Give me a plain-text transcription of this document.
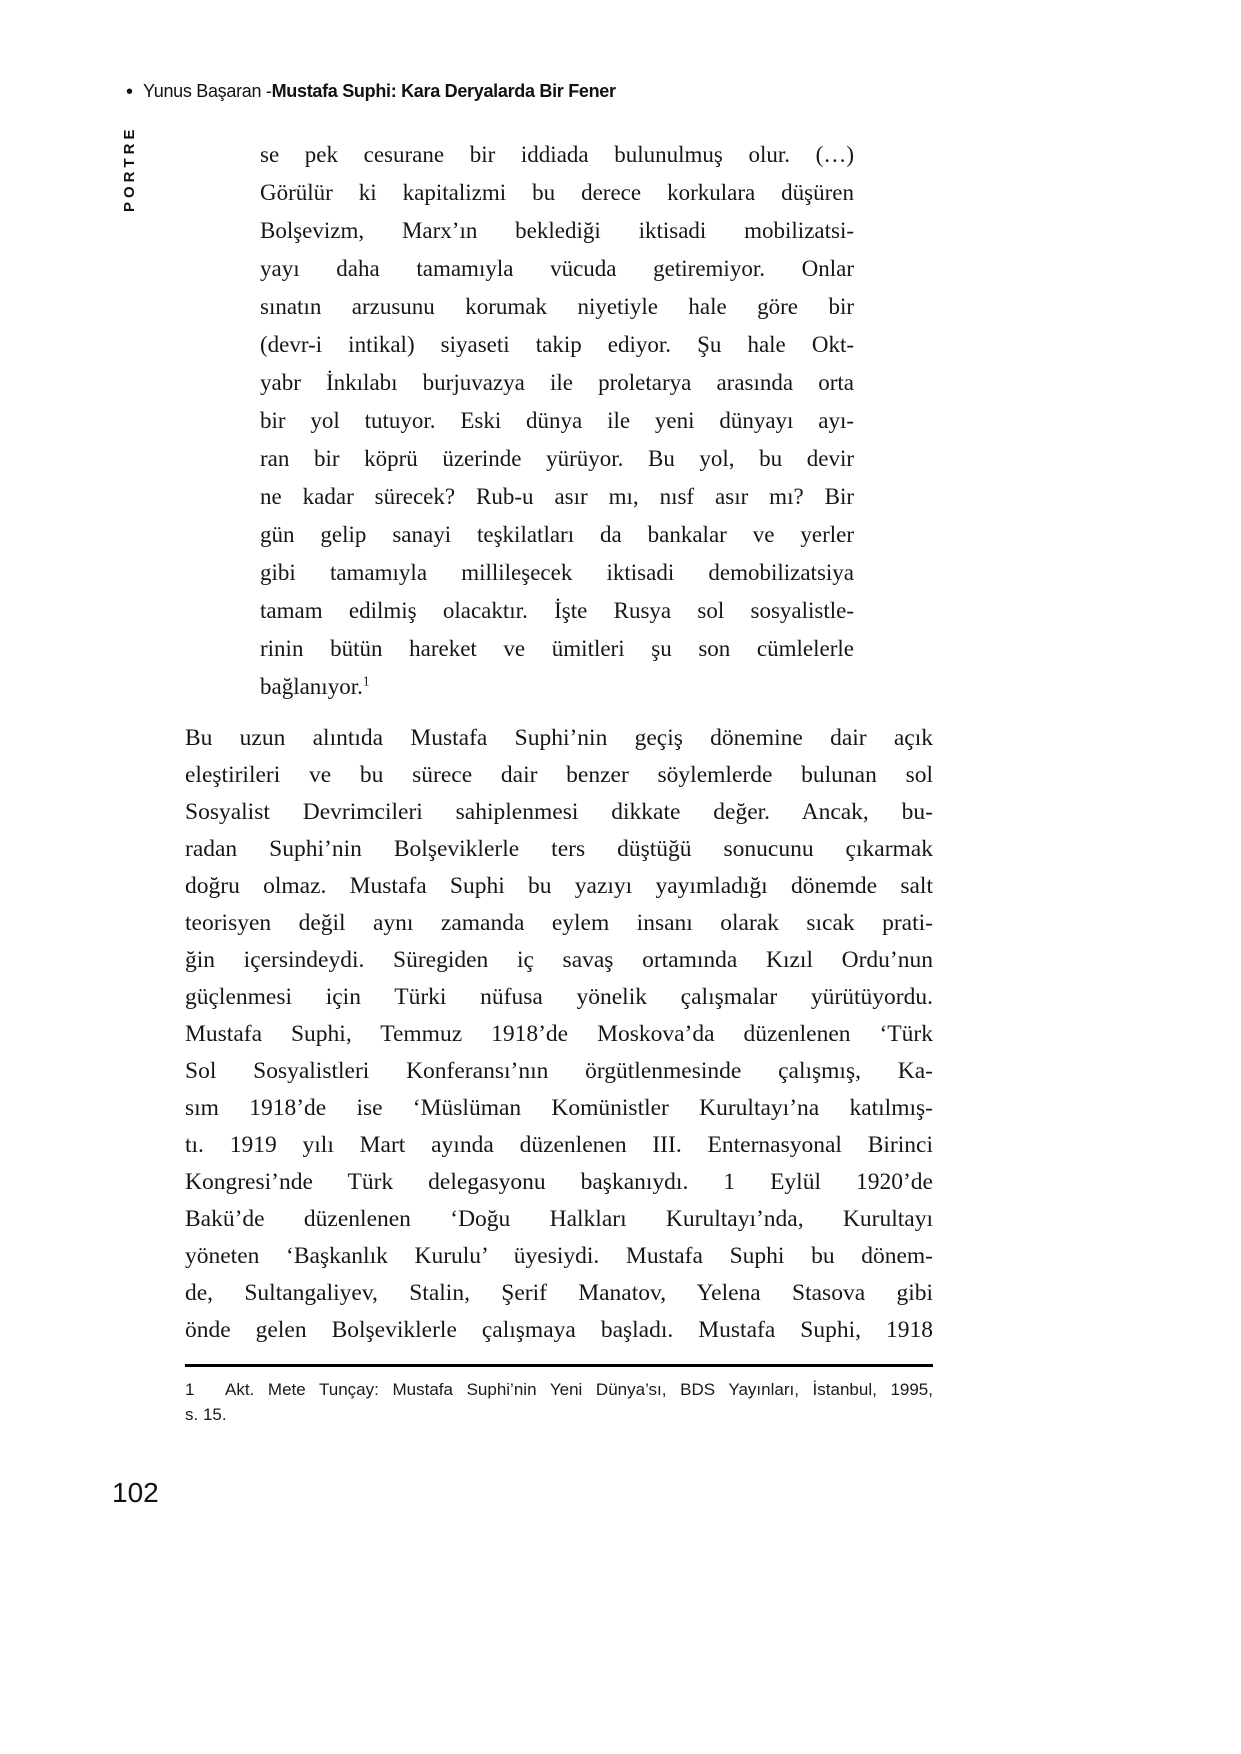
• Yunus Başaran - Mustafa Suphi: Kara Deryalarda Bir Fener
PORTRE	se pek cesurane bir iddiada bulunulmuş olur. (…)
Görülür ki kapitalizmi bu derece korkulara düşüren
Bolşevizm, Marx’ın beklediği iktisadi mobilizatsi-
yayı daha tamamıyla vücuda getiremiyor. Onlar
sınatın arzusunu korumak niyetiyle hale göre bir
(devr-i intikal) siyaseti takip ediyor. Şu hale Okt-
yabr İnkılabı burjuvazya ile proletarya arasında orta
bir yol tutuyor. Eski dünya ile yeni dünyayı ayı-
ran bir köprü üzerinde yürüyor. Bu yol, bu devir
ne kadar sürecek? Rub-u asır mı, nısf asır mı? Bir
gün gelip sanayi teşkilatları da bankalar ve yerler
gibi tamamıyla millileşecek iktisadi demobilizatsiya
tamam edilmiş olacaktır. İşte Rusya sol sosyalistle-
rinin bütün hareket ve ümitleri şu son cümlelerle
bağlanıyor.$^1$
Bu uzun alıntıda Mustafa Suphi’nin geçiş dönemine dair açık
eleştirileri ve bu sürece dair benzer söylemlerde bulunan sol
Sosyalist Devrimcileri sahiplenmesi dikkate değer. Ancak, bu-
radan Suphi’nin Bolşeviklerle ters düştüğü sonucunu çıkarmak
doğru olmaz. Mustafa Suphi bu yazıyı yayımladığı dönemde salt
teorisyen değil aynı zamanda eylem insanı olarak sıcak prati-
ğin içersindeydi. Süregiden iç savaş ortamında Kızıl Ordu’nun
güçlenmesi için Türki nüfusa yönelik çalışmalar yürütüyordu.
Mustafa Suphi, Temmuz 1918’de Moskova’da düzenlenen ‘Türk
Sol Sosyalistleri Konferansı’nın örgütlenmesinde çalışmış, Ka-
sım 1918’de ise ‘Müslüman Komünistler Kurultayı’na katılmış-
tı. 1919 yılı Mart ayında düzenlenen III. Enternasyonal Birinci
Kongresi’nde Türk delegasyonu başkanıydı. 1 Eylül 1920’de
Bakü’de düzenlenen ‘Doğu Halkları Kurultayı’nda, Kurultayı
yöneten ‘Başkanlık Kurulu’ üyesiydi. Mustafa Suphi bu dönem-
de, Sultangaliyev, Stalin, Şerif Manatov, Yelena Stasova gibi
önde gelen Bolşeviklerle çalışmaya başladı. Mustafa Suphi, 1918
1	Akt. Mete Tunçay: Mustafa Suphi’nin Yeni Dünya’sı, BDS Yayınları, İstanbul, 1995,
s. 15.
102
